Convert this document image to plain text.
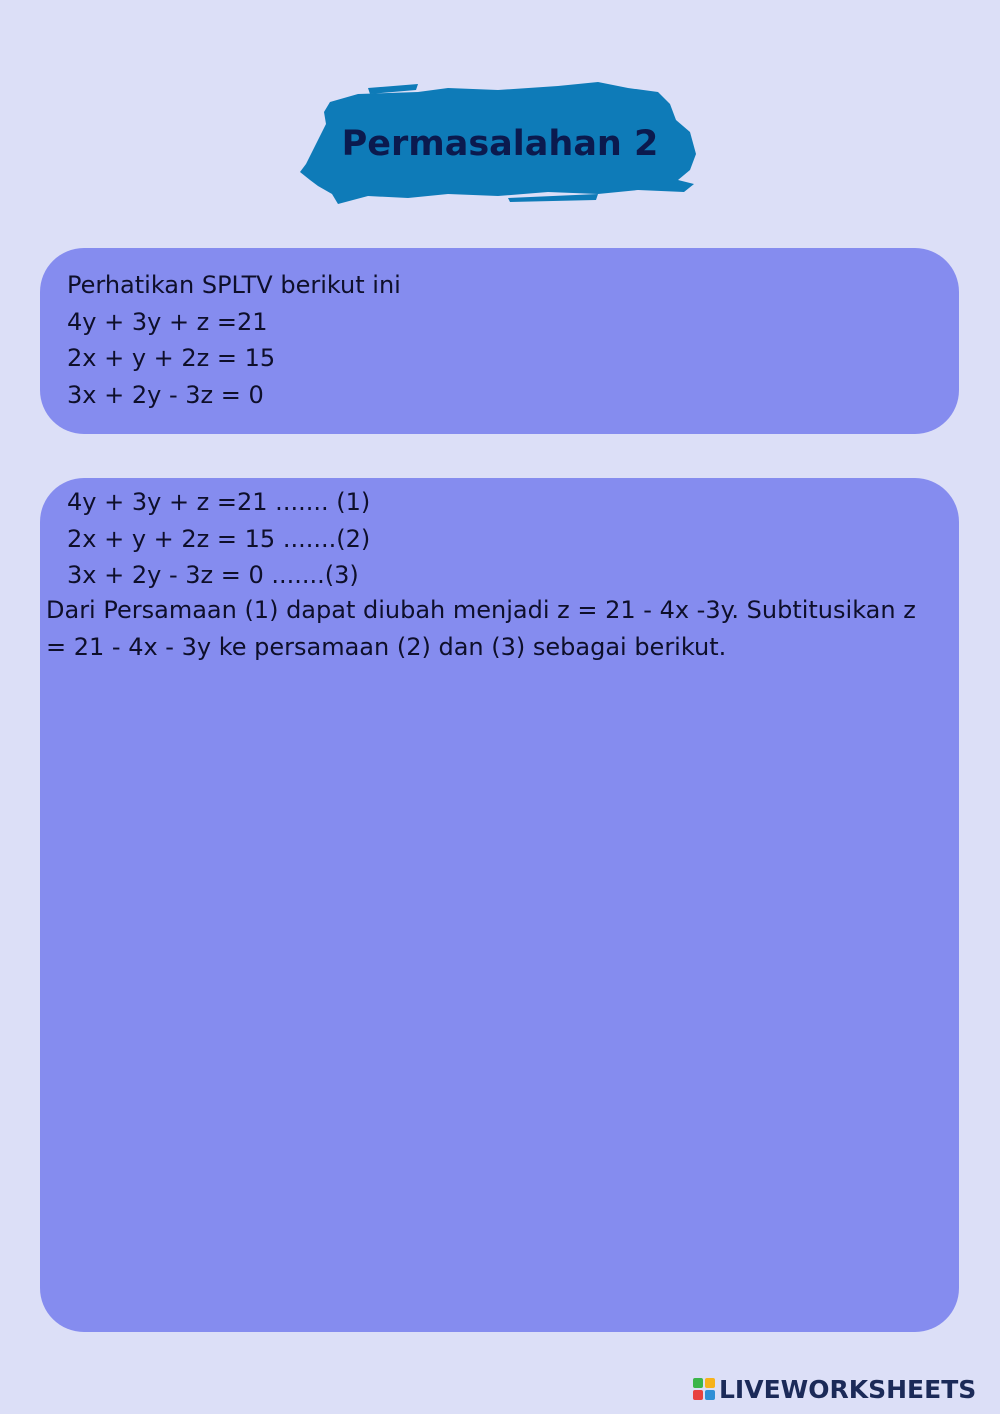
Permasalahan 2
Perhatikan SPLTV berikut ini
4y + 3y + z =21
2x + y + 2z = 15
3x + 2y - 3z = 0
4y + 3y + z =21 ....... (1)
2x + y + 2z = 15 .......(2)
3x + 2y - 3z = 0 .......(3)
Dari Persamaan (1) dapat diubah menjadi z = 21 - 4x -3y. Subtitusikan z = 21 - 4x - 3y ke persamaan (2) dan (3) sebagai berikut.
LIVEWORKSHEETS
